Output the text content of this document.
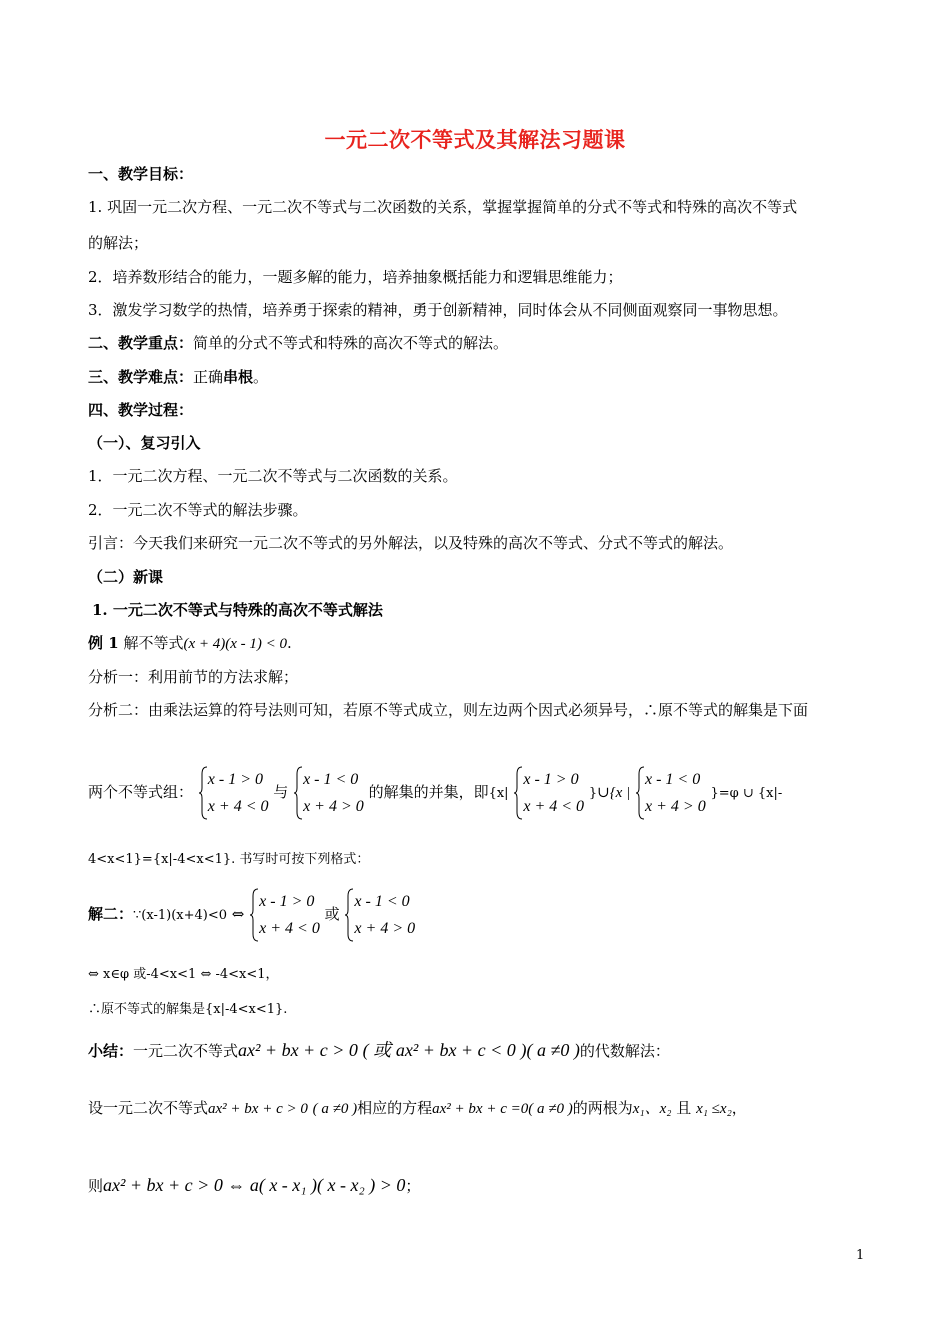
一元二次不等式及其解法习题课
一、教学目标：
1. 巩固一元二次方程、一元二次不等式与二次函数的关系，掌握掌握简单的分式不等式和特殊的高次不等式
的解法；
2．培养数形结合的能力，一题多解的能力，培养抽象概括能力和逻辑思维能力；
3．激发学习数学的热情，培养勇于探索的精神，勇于创新精神，同时体会从不同侧面观察同一事物思想。
二、教学重点：简单的分式不等式和特殊的高次不等式的解法。
三、教学难点：正确串根。
四、教学过程：
（一）、复习引入
1．一元二次方程、一元二次不等式与二次函数的关系。
2．一元二次不等式的解法步骤。
引言：今天我们来研究一元二次不等式的另外解法，以及特殊的高次不等式、分式不等式的解法。
（二）新课
1. 一元二次不等式与特殊的高次不等式解法
例 1 解不等式(x + 4)(x - 1) < 0.
分析一：利用前节的方法求解；
分析二：由乘法运算的符号法则可知，若原不等式成立，则左边两个因式必须异号，∴原不等式的解集是下面
两个不等式组：
x - 1 > 0
x + 4 < 0
与
x - 1 < 0
x + 4 > 0
的解集的并集，即{x|
x - 1 > 0
x + 4 < 0
}∪{x |
x - 1 < 0
x + 4 > 0
}=φ ∪ {x|-
4<x<1}={x|-4<x<1}. 书写时可按下列格式：
解二：∵(x-1)(x+4)<0 ⇔
x - 1 > 0
x + 4 < 0
或
x - 1 < 0
x + 4 > 0
⇔ x∈φ 或-4<x<1 ⇔ -4<x<1，
∴原不等式的解集是{x|-4<x<1}.
小结：一元二次不等式ax² + bx + c > 0 ( 或 ax² + bx + c < 0 )( a ≠0 )的代数解法：
设一元二次不等式ax² + bx + c > 0 ( a ≠0 )相应的方程ax² + bx + c =0( a ≠0 )的两根为x₁、x₂ 且 x₁ ≤x₂，
则ax² + bx + c > 0 ⇔ a( x - x₁ )( x - x₂ ) > 0；
1
